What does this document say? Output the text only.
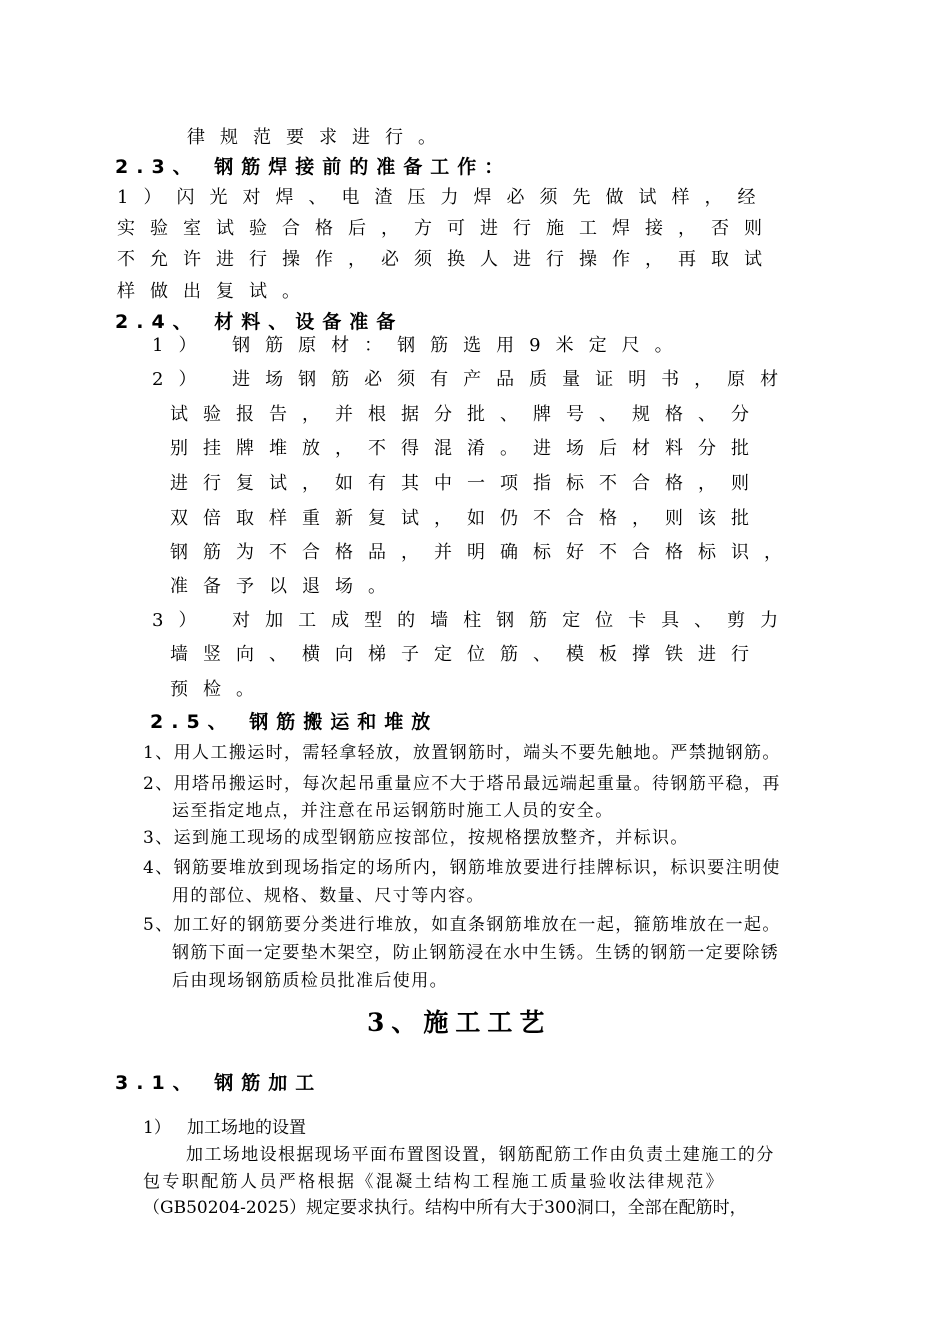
律规范要求进行。
2.3、 钢筋焊接前的准备工作：
1）闪光对焊、电渣压力焊必须先做试样，经
实验室试验合格后，方可进行施工焊接，否则
不允许进行操作，必须换人进行操作，再取试
样做出复试。
2.4、 材料、设备准备
1） 钢筋原材：钢筋选用9米定尺。
2） 进场钢筋必须有产品质量证明书，原材
试验报告，并根据分批、牌号、规格、分
别挂牌堆放，不得混淆。进场后材料分批
进行复试，如有其中一项指标不合格，则
双倍取样重新复试，如仍不合格，则该批
钢筋为不合格品，并明确标好不合格标识，
准备予以退场。
3） 对加工成型的墙柱钢筋定位卡具、剪力
墙竖向、横向梯子定位筋、模板撑铁进行
预检。
2.5、 钢筋搬运和堆放
1、用人工搬运时，需轻拿轻放，放置钢筋时，端头不要先触地。严禁抛钢筋。
2、用塔吊搬运时，每次起吊重量应不大于塔吊最远端起重量。待钢筋平稳，再
运至指定地点，并注意在吊运钢筋时施工人员的安全。
3、运到施工现场的成型钢筋应按部位，按规格摆放整齐，并标识。
4、钢筋要堆放到现场指定的场所内，钢筋堆放要进行挂牌标识，标识要注明使
用的部位、规格、数量、尺寸等内容。
5、加工好的钢筋要分类进行堆放，如直条钢筋堆放在一起，箍筋堆放在一起。
钢筋下面一定要垫木架空，防止钢筋浸在水中生锈。生锈的钢筋一定要除锈
后由现场钢筋质检员批准后使用。
3、施工工艺
3.1、 钢筋加工
1）   加工场地的设置
加工场地设根据现场平面布置图设置，钢筋配筋工作由负责土建施工的分
包专职配筋人员严格根据《混凝土结构工程施工质量验收法律规范》
（GB50204-2025）规定要求执行。结构中所有大于300洞口，全部在配筋时，
